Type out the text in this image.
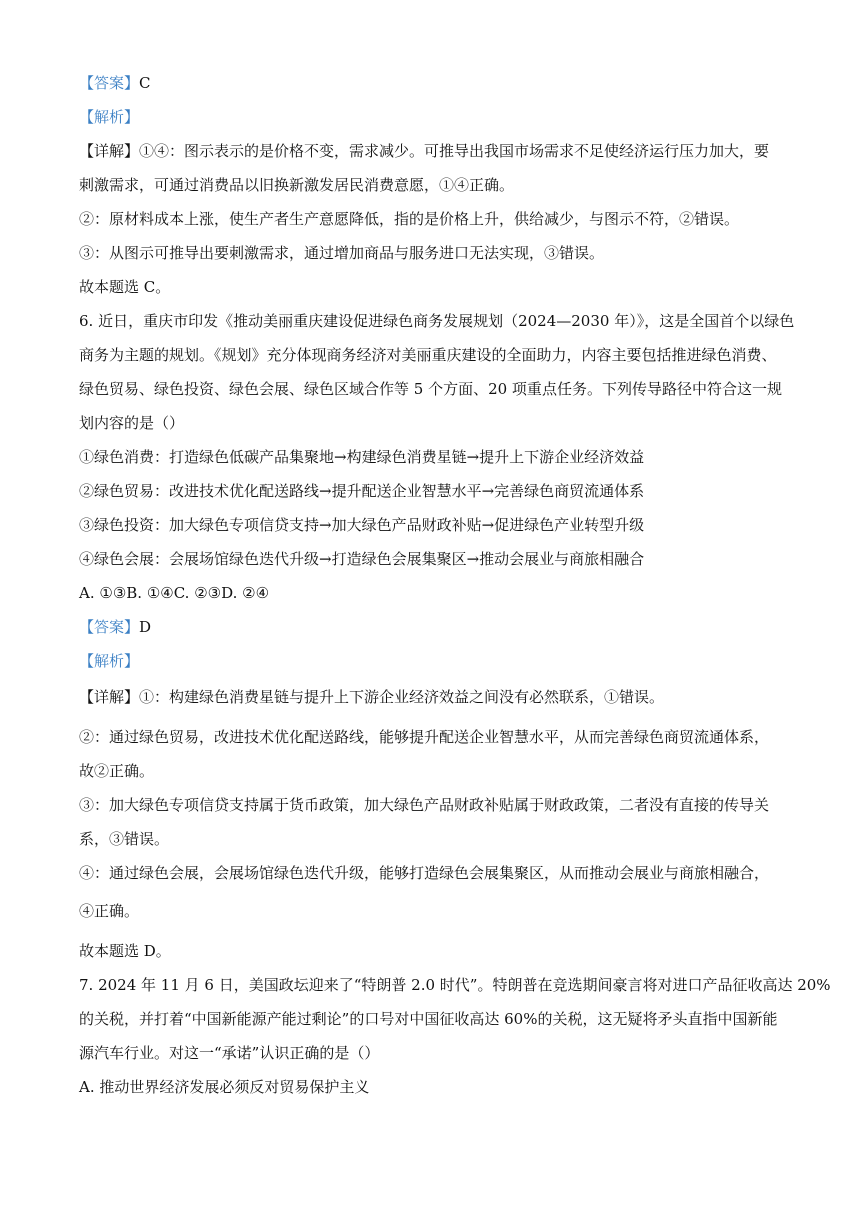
【答案】C
【解析】
【详解】①④：图示表示的是价格不变，需求减少。可推导出我国市场需求不足使经济运行压力加大，要
刺激需求，可通过消费品以旧换新激发居民消费意愿，①④正确。
②：原材料成本上涨，使生产者生产意愿降低，指的是价格上升，供给减少，与图示不符，②错误。
③：从图示可推导出要刺激需求，通过增加商品与服务进口无法实现，③错误。
故本题选 C。
6. 近日，重庆市印发《推动美丽重庆建设促进绿色商务发展规划（2024—2030 年）》，这是全国首个以绿色
商务为主题的规划。《规划》充分体现商务经济对美丽重庆建设的全面助力，内容主要包括推进绿色消费、
绿色贸易、绿色投资、绿色会展、绿色区域合作等 5 个方面、20 项重点任务。下列传导路径中符合这一规
划内容的是（）
①绿色消费：打造绿色低碳产品集聚地→构建绿色消费星链→提升上下游企业经济效益
②绿色贸易：改进技术优化配送路线→提升配送企业智慧水平→完善绿色商贸流通体系
③绿色投资：加大绿色专项信贷支持→加大绿色产品财政补贴→促进绿色产业转型升级
④绿色会展：会展场馆绿色迭代升级→打造绿色会展集聚区→推动会展业与商旅相融合
A. ①③B. ①④C. ②③D. ②④
【答案】D
【解析】
【详解】①：构建绿色消费星链与提升上下游企业经济效益之间没有必然联系，①错误。
②：通过绿色贸易，改进技术优化配送路线，能够提升配送企业智慧水平，从而完善绿色商贸流通体系，
故②正确。
③：加大绿色专项信贷支持属于货币政策，加大绿色产品财政补贴属于财政政策，二者没有直接的传导关
系，③错误。
④：通过绿色会展，会展场馆绿色迭代升级，能够打造绿色会展集聚区，从而推动会展业与商旅相融合，
④正确。
故本题选 D。
7. 2024 年 11 月 6 日，美国政坛迎来了“特朗普 2.0 时代”。特朗普在竞选期间豪言将对进口产品征收高达 20%
的关税，并打着“中国新能源产能过剩论”的口号对中国征收高达 60%的关税，这无疑将矛头直指中国新能
源汽车行业。对这一“承诺”认识正确的是（）
A. 推动世界经济发展必须反对贸易保护主义
